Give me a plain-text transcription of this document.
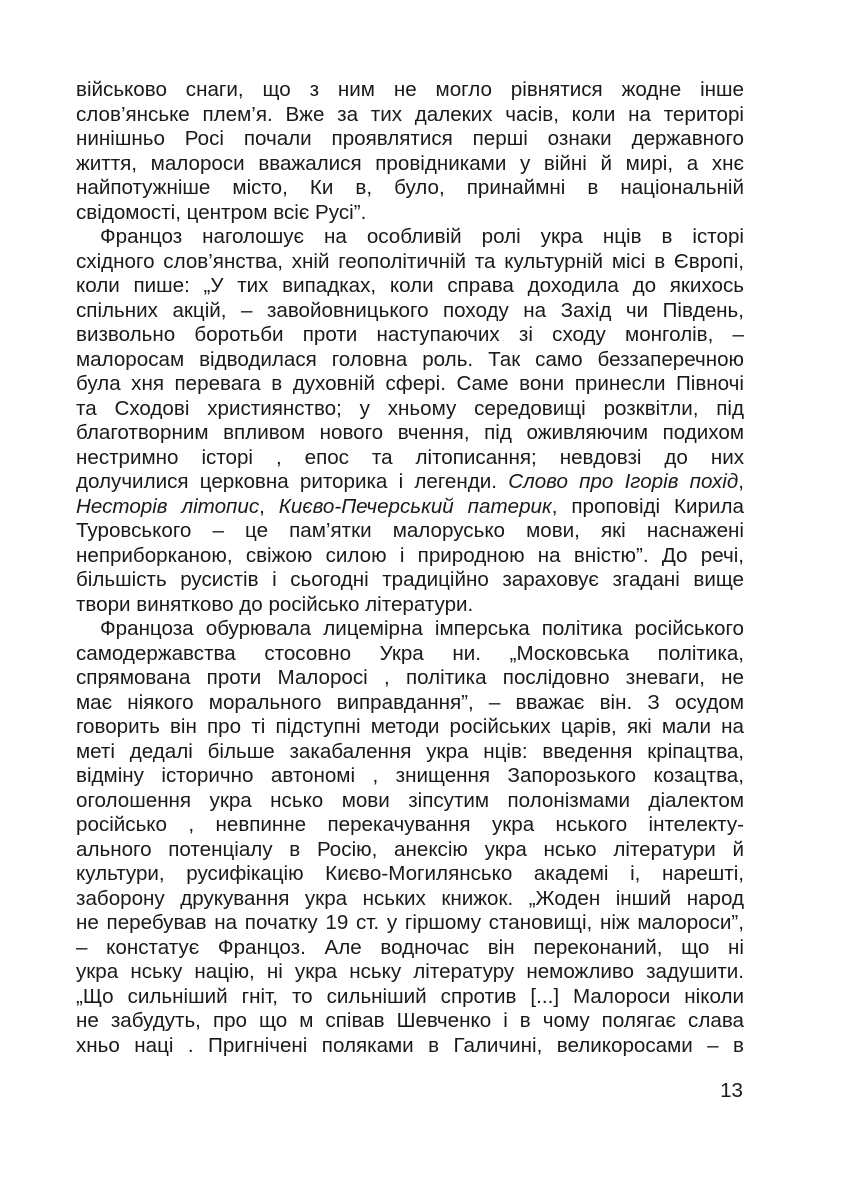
військово снаги, що з ним не могло рівнятися жодне інше
слов’янське плем’я. Вже за тих далеких часів, коли на територі
нинішньо Росі почали проявлятися перші ознаки державного
життя, малороси вважалися провідниками у війні й мирі, а хнє
найпотужніше місто, Ки в, було, принаймні в національній
свідомості, центром всіє Русі”.
Францоз наголошує на особливій ролі укра нців в історі
східного слов’янства, хній геополітичній та культурній місі в Європі,
коли пише: „У тих випадках, коли справа доходила до якихось
спільних акцій, – завойовницького походу на Захід чи Південь,
визвольно боротьби проти наступаючих зі сходу монголів, –
малоросам відводилася головна роль. Так само беззаперечною
була хня перевага в духовній сфері. Саме вони принесли Півночі
та Сходові християнство; у хньому середовищі розквітли, під
благотворним впливом нового вчення, під оживляючим подихом
нестримно історі , епос та літописання; невдовзі до них
долучилися церковна риторика і легенди. Слово про Ігорів похід,
Несторів літопис, Києво-Печерський патерик, проповіді Кирила
Турoвського – це пам’ятки малорусько мови, які наснажені
неприборканою, свіжою силою і природною на вністю”. До речі,
більшість русистів і сьогодні традиційно зараховує згадані вище
твори винятково до російсько літератури.
Францоза обурювала лицемірна імперська політика російського
самодержавства стосовно Укра ни. „Московська політика,
спрямована проти Малоросі , політика послідовно зневаги, не
має ніякого морального виправдання”, – вважає він. З осудом
говорить він про ті підступні методи російських царів, які мали на
меті дедалі більше закабалення укра нців: введення кріпацтва,
відміну історично автономі , знищення Запорозького козацтва,
оголошення укра нсько мови зіпсутим полонізмами діалектом
російсько , невпинне перекачування укра нського інтелекту-
ального потенціалу в Росію, анексію укра нсько літератури й
культури, русифікацію Києво-Могилянсько академі і, нарешті,
заборону друкування укра нських книжок. „Жоден інший народ
не перебував на початку 19 ст. у гіршому становищі, ніж малороси”,
– констатує Францоз. Але водночас він переконаний, що ні
укра нську націю, ні укра нську літературу неможливо задушити.
„Що сильніший гніт, то сильніший спротив [...] Малороси ніколи
не забудуть, про що м співав Шевченко і в чому полягає слава
хньо наці . Пригнічені поляками в Галичині, великоросами – в
13
